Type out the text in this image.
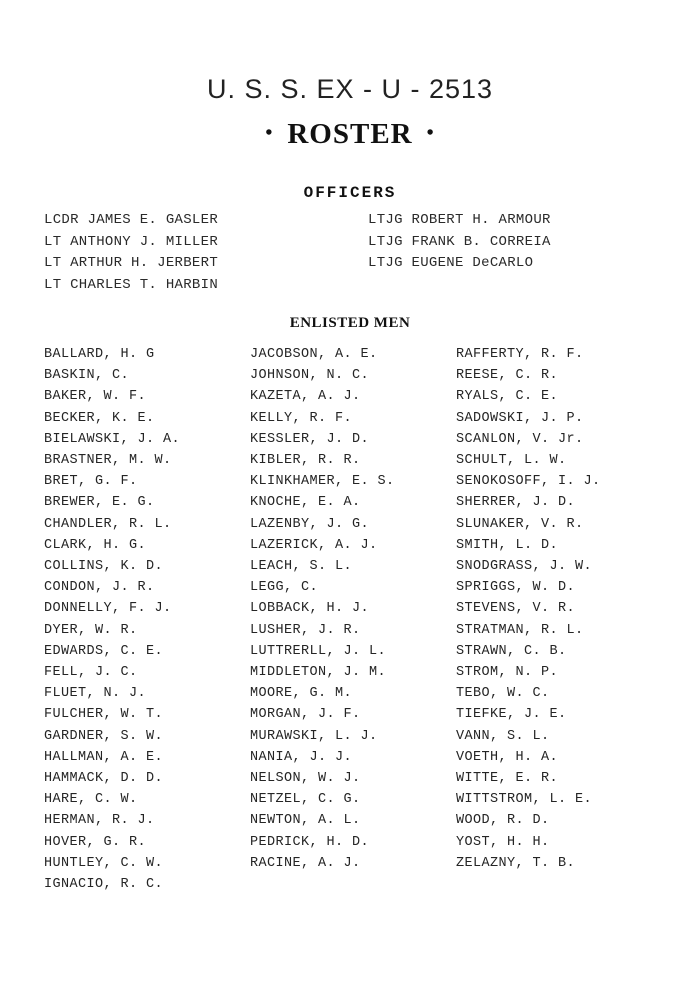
U. S. S. EX - U - 2513
• ROSTER •
OFFICERS
LCDR JAMES E. GASLER
LT ANTHONY J. MILLER
LT ARTHUR H. JERBERT
LT CHARLES T. HARBIN
LTJG ROBERT H. ARMOUR
LTJG FRANK B. CORREIA
LTJG EUGENE DeCARLO
ENLISTED MEN
BALLARD, H. G
BASKIN, C.
BAKER, W. F.
BECKER, K. E.
BIELAWSKI, J. A.
BRASTNER, M. W.
BRET, G. F.
BREWER, E. G.
CHANDLER, R. L.
CLARK, H. G.
COLLINS, K. D.
CONDON, J. R.
DONNELLY, F. J.
DYER, W. R.
EDWARDS, C. E.
FELL, J. C.
FLUET, N. J.
FULCHER, W. T.
GARDNER, S. W.
HALLMAN, A. E.
HAMMACK, D. D.
HARE, C. W.
HERMAN, R. J.
HOVER, G. R.
HUNTLEY, C. W.
IGNACIO, R. C.
JACOBSON, A. E.
JOHNSON, N. C.
KAZETA, A. J.
KELLY, R. F.
KESSLER, J. D.
KIBLER, R. R.
KLINKHAMER, E. S.
KNOCHE, E. A.
LAZENBY, J. G.
LAZERICK, A. J.
LEACH, S. L.
LEGG, C.
LOBBACK, H. J.
LUSHER, J. R.
LUTTRERLL, J. L.
MIDDLETON, J. M.
MOORE, G. M.
MORGAN, J. F.
MURAWSKI, L. J.
NANIA, J. J.
NELSON, W. J.
NETZEL, C. G.
NEWTON, A. L.
PEDRICK, H. D.
RACINE, A. J.
RAFFERTY, R. F.
REESE, C. R.
RYALS, C. E.
SADOWSKI, J. P.
SCANLON, V. Jr.
SCHULT, L. W.
SENOKOSOFF, I. J.
SHERRER, J. D.
SLUNAKER, V. R.
SMITH, L. D.
SNODGRASS, J. W.
SPRIGGS, W. D.
STEVENS, V. R.
STRATMAN, R. L.
STRAWN, C. B.
STROM, N. P.
TEBO, W. C.
TIEFKE, J. E.
VANN, S. L.
VOETH, H. A.
WITTE, E. R.
WITTSTROM, L. E.
WOOD, R. D.
YOST, H. H.
ZELAZNY, T. B.
